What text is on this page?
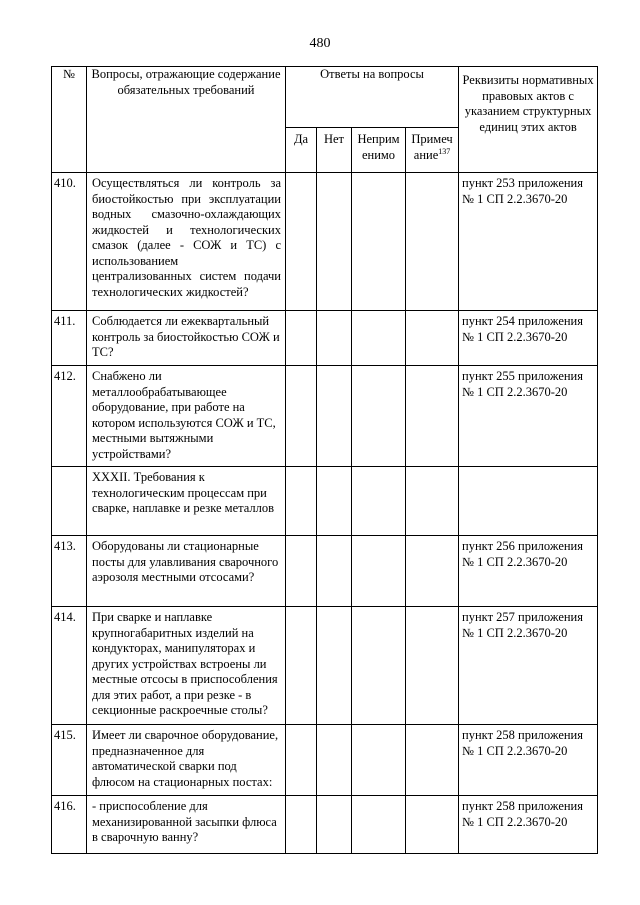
480
№	Вопросы, отражающие содержание обязательных требований	Ответы на вопросы				Реквизиты нормативных правовых актов с указанием структурных единиц этих актов
		Да	Нет	Неприм енимо	Примеч ание$^{137}$
410.	Осуществляться ли контроль за биостойкостью при эксплуатации водных смазочно-охлаждающих жидкостей и технологических смазок (далее - СОЖ и ТС) с использованием централизованных систем подачи технологических жидкостей?					пункт 253 приложения № 1 СП 2.2.3670-20
411.	Соблюдается ли ежеквартальный контроль за биостойкостью СОЖ и ТС?					пункт 254 приложения № 1 СП 2.2.3670-20
412.	Снабжено ли металлообрабатывающее оборудование, при работе на котором используются СОЖ и ТС, местными вытяжными устройствами?					пункт 255 приложения № 1 СП 2.2.3670-20
	XXXII. Требования к технологическим процессам при сварке, наплавке и резке металлов					
413.	Оборудованы ли стационарные посты для улавливания сварочного аэрозоля местными отсосами?					пункт 256 приложения № 1 СП 2.2.3670-20
414.	При сварке и наплавке крупногабаритных изделий на кондукторах, манипуляторах и других устройствах встроены ли местные отсосы в приспособления для этих работ, а при резке - в секционные раскроечные столы?					пункт 257 приложения № 1 СП 2.2.3670-20
415.	Имеет ли сварочное оборудование, предназначенное для автоматической сварки под флюсом на стационарных постах:					пункт 258 приложения № 1 СП 2.2.3670-20
416.	- приспособление для механизированной засыпки флюса в сварочную ванну?					пункт 258 приложения № 1 СП 2.2.3670-20
